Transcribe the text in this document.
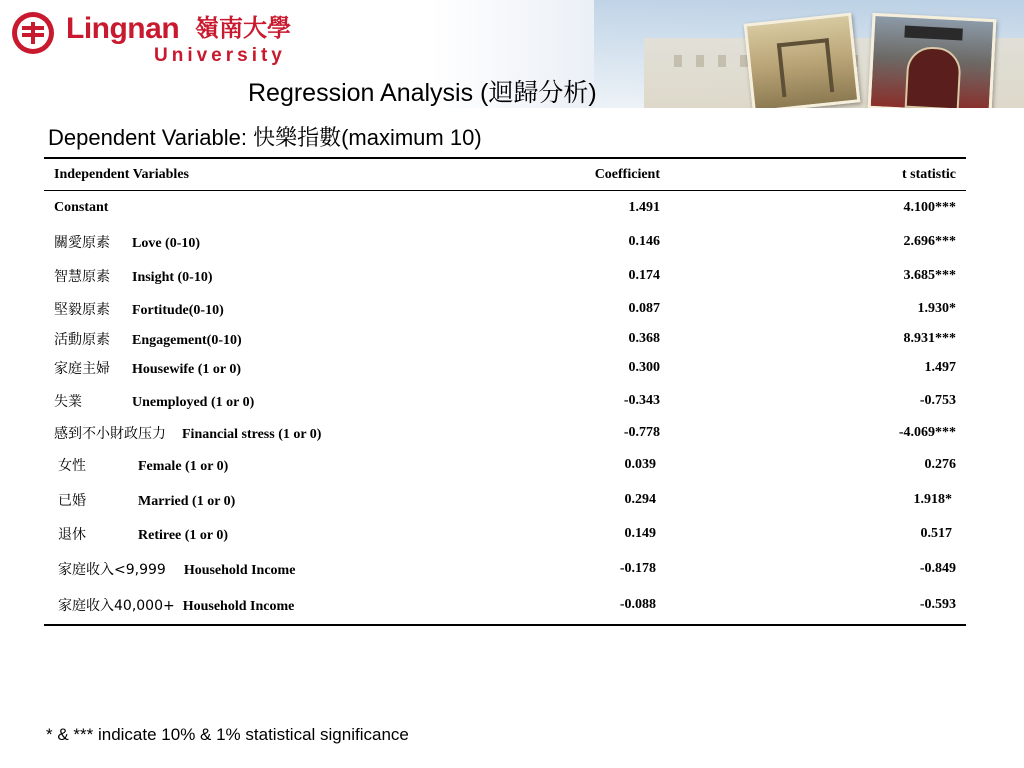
Lingnan 嶺南大學
University
Regression Analysis (迴歸分析)
Dependent Variable: 快樂指數(maximum 10)
Independent Variables	Coefficient	t statistic
Constant	1.491	4.100***
關愛原素 Love (0-10)	0.146	2.696***
智慧原素 Insight (0-10)	0.174	3.685***
堅毅原素 Fortitude(0-10)	0.087	1.930*
活動原素 Engagement(0-10)	0.368	8.931***
家庭主婦 Housewife (1 or 0)	0.300	1.497
失業 Unemployed (1 or 0)	-0.343	-0.753
感到不小財政压力 Financial stress (1 or 0)	-0.778	-4.069***
女性 Female (1 or 0)	0.039	0.276
已婚 Married (1 or 0)	0.294	1.918*
退休 Retiree (1 or 0)	0.149	0.517
家庭收入<9,999 Household Income	-0.178	-0.849
家庭收入40,000+ Household Income	-0.088	-0.593
* & *** indicate 10% & 1% statistical significance
